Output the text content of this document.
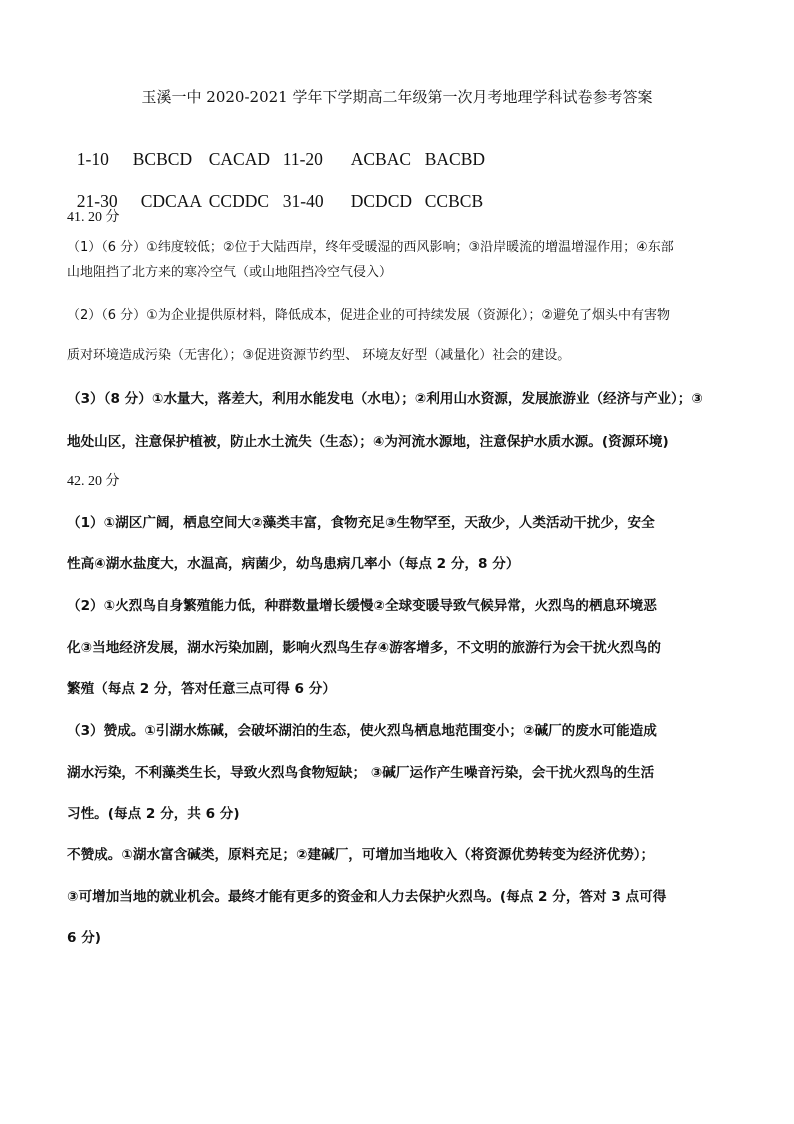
玉溪一中 2020-2021 学年下学期高二年级第一次月考地理学科试卷参考答案

1-10 BCBCD CACAD 11-20 ACBAC BACBD

21-30 CDCAA CCDDC 31-40 DCDCD CCBCB

41. 20 分
（1）（6 分）①纬度较低；②位于大陆西岸，终年受暖湿的西风影响；③沿岸暖流的增温增湿作用；④东部
山地阻挡了北方来的寒冷空气（或山地阻挡冷空气侵入）
（2）（6 分）①为企业提供原材料，降低成本，促进企业的可持续发展（资源化）；②避免了烟头中有害物
质对环境造成污染（无害化）；③促进资源节约型、 环境友好型（减量化）社会的建设。
（3）（8 分）①水量大，落差大，利用水能发电（水电）；②利用山水资源，发展旅游业（经济与产业）；③
地处山区，注意保护植被，防止水土流失（生态）；④为河流水源地，注意保护水质水源。(资源环境)
42. 20 分
（1）①湖区广阔，栖息空间大②藻类丰富，食物充足③生物罕至，天敌少，人类活动干扰少，安全
性高④湖水盐度大，水温高，病菌少，幼鸟患病几率小（每点 2 分，8 分）
（2）①火烈鸟自身繁殖能力低，种群数量增长缓慢②全球变暖导致气候异常，火烈鸟的栖息环境恶
化③当地经济发展，湖水污染加剧，影响火烈鸟生存④游客增多，不文明的旅游行为会干扰火烈鸟的
繁殖（每点 2 分，答对任意三点可得 6 分）
（3）赞成。①引湖水炼碱，会破坏湖泊的生态，使火烈鸟栖息地范围变小；②碱厂的废水可能造成
湖水污染，不利藻类生长，导致火烈鸟食物短缺； ③碱厂运作产生噪音污染，会干扰火烈鸟的生活
习性。(每点 2 分，共 6 分)
不赞成。①湖水富含碱类，原料充足；②建碱厂，可增加当地收入（将资源优势转变为经济优势）；
③可增加当地的就业机会。最终才能有更多的资金和人力去保护火烈鸟。(每点 2 分，答对 3 点可得
6 分)
